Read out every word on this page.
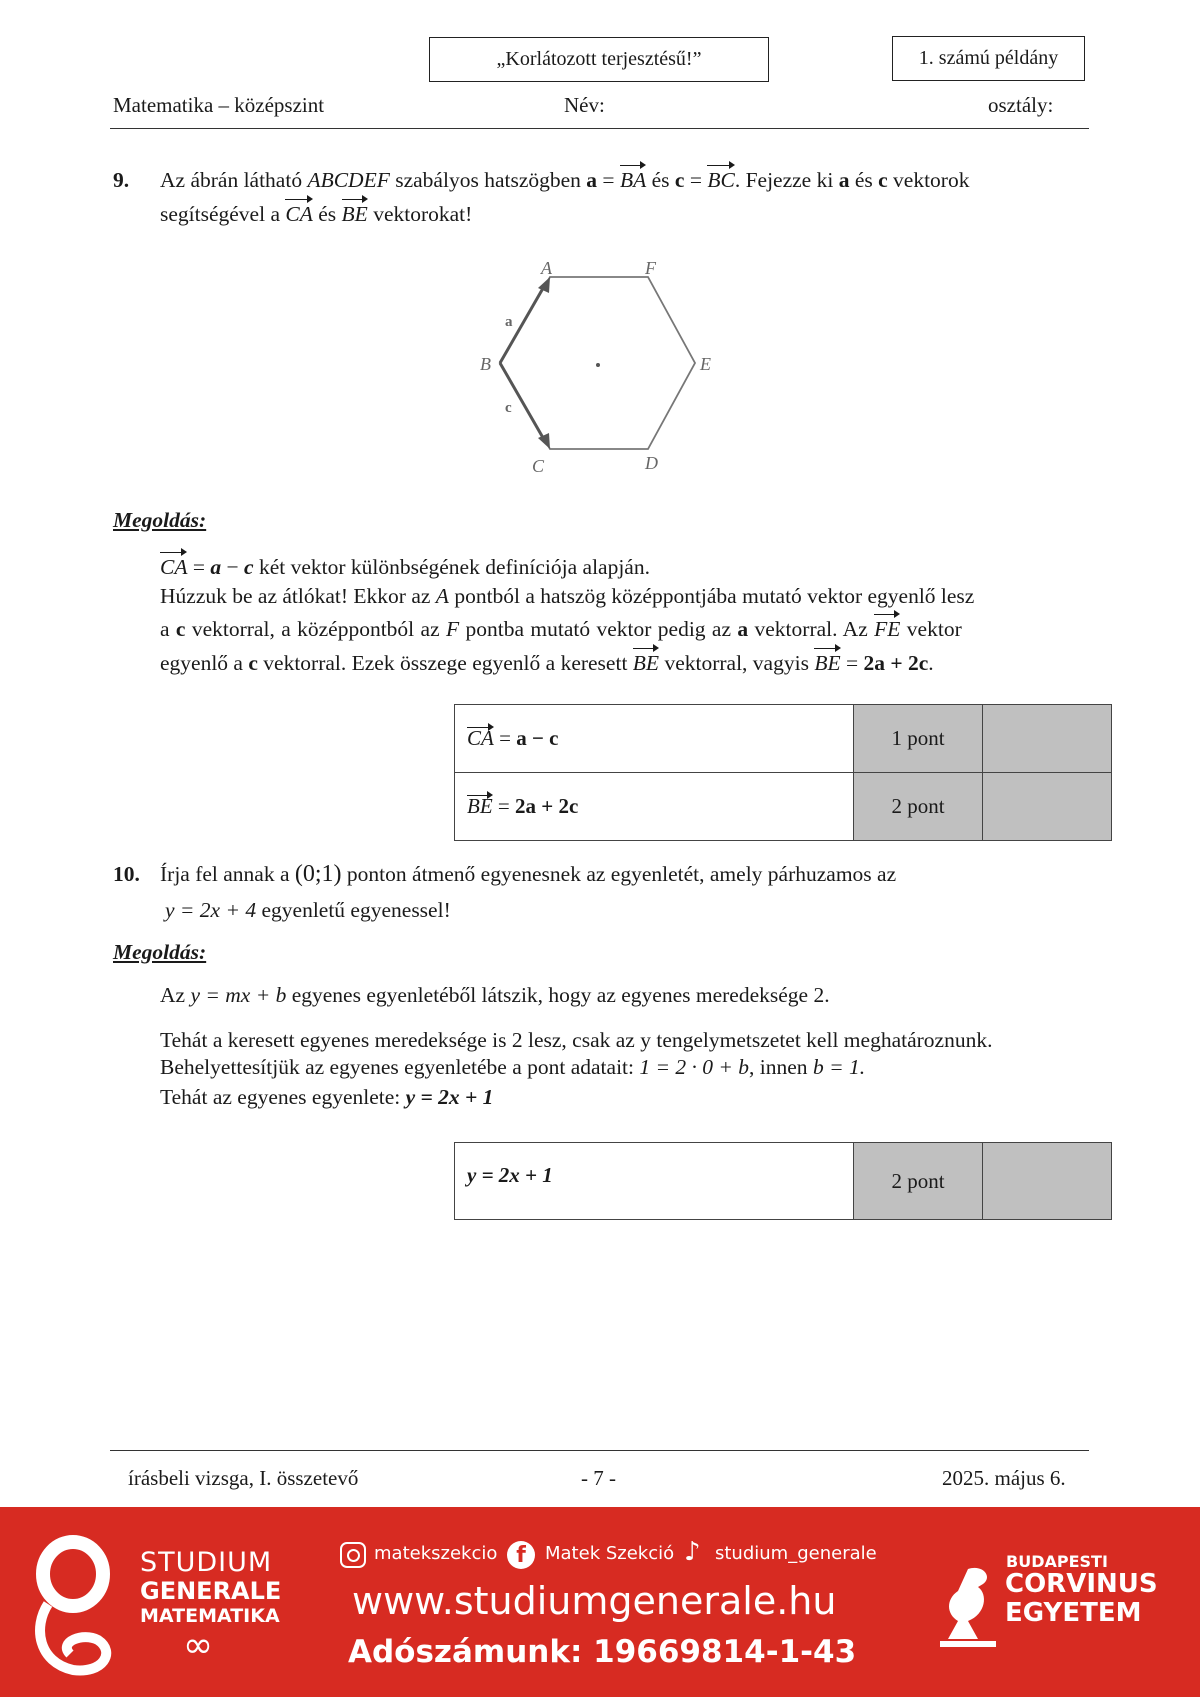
„Korlátozott terjesztésű!”	1. számú példány
Matematika – középszint	Név:	osztály:
9. Az ábrán látható ABCDEF szabályos hatszögben a = BA és c = BC. Fejezze ki a és c vektorok
segítségével a CA és BE vektorokat!
A	F
B	E
C	D
a
c
Megoldás:
CA = a − c két vektor különbségének definíciója alapján.
Húzzuk be az átlókat! Ekkor az A pontból a hatszög középpontjába mutató vektor egyenlő lesz
a c vektorral, a középpontból az F pontba mutató vektor pedig az a vektorral. Az FE vektor
egyenlő a c vektorral. Ezek összege egyenlő a keresett BE vektorral, vagyis BE = 2a + 2c.
CA = a − c	1 pont	
BE = 2a + 2c	2 pont	
10. Írja fel annak a (0;1) ponton átmenő egyenesnek az egyenletét, amely párhuzamos az
y = 2x + 4 egyenletű egyenessel!
Megoldás:
Az y = mx + b egyenes egyenletéből látszik, hogy az egyenes meredeksége 2.
Tehát a keresett egyenes meredeksége is 2 lesz, csak az y tengelymetszetet kell meghatároznunk.
Behelyettesítjük az egyenes egyenletébe a pont adatait: 1 = 2 · 0 + b, innen b = 1.
Tehát az egyenes egyenlete: y = 2x + 1
y = 2x + 1	2 pont	
írásbeli vizsga, I. összetevő	- 7 -	2025. május 6.
STUDIUM
GENERALE
MATEMATIKA
∞
matekszekcio f	Matek Szekció ♪ studium_generale
www.studiumgenerale.hu
Adószámunk: 19669814-1-43
BUDAPESTI
CORVINUS
EGYETEM
